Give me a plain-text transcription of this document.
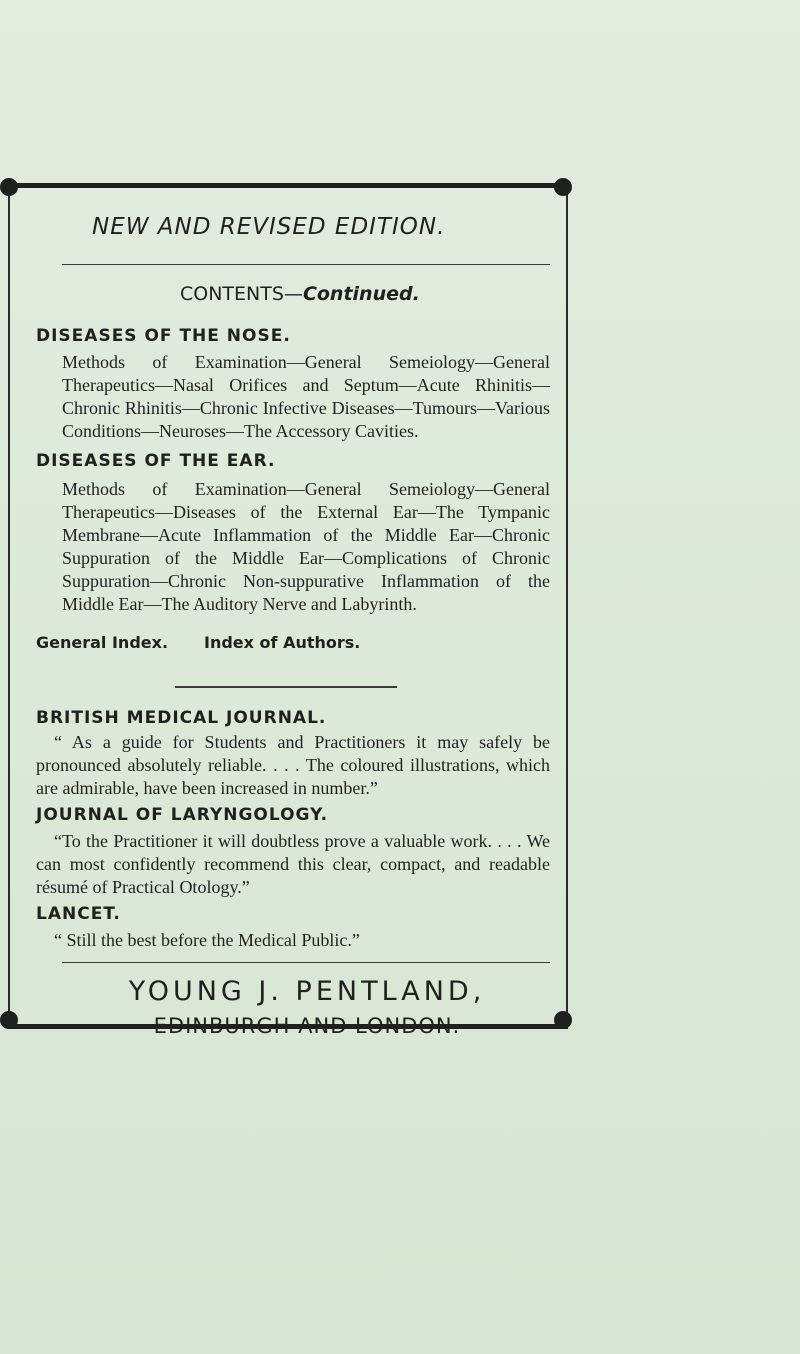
NEW AND REVISED EDITION.
CONTENTS—Continued.
DISEASES OF THE NOSE.
Methods of Examination—General Semeiology—General Therapeutics—Nasal Orifices and Septum—Acute Rhinitis—Chronic Rhinitis—Chronic Infective Diseases—Tumours—Various Conditions—Neuroses—The Accessory Cavities.
DISEASES OF THE EAR.
Methods of Examination—General Semeiology—General Therapeutics—Diseases of the External Ear—The Tympanic Membrane—Acute Inflammation of the Middle Ear—Chronic Suppuration of the Middle Ear—Complications of Chronic Suppuration—Chronic Non-suppurative Inflammation of the Middle Ear—The Auditory Nerve and Labyrinth.
General Index. Index of Authors.
BRITISH MEDICAL JOURNAL.
“ As a guide for Students and Practitioners it may safely be pronounced absolutely reliable. . . . The coloured illustrations, which are admirable, have been increased in number.”
JOURNAL OF LARYNGOLOGY.
“To the Practitioner it will doubtless prove a valuable work. . . . We can most confidently recommend this clear, compact, and readable résumé of Practical Otology.”
LANCET.
“ Still the best before the Medical Public.”
YOUNG J. PENTLAND,
EDINBURGH AND LONDON.
